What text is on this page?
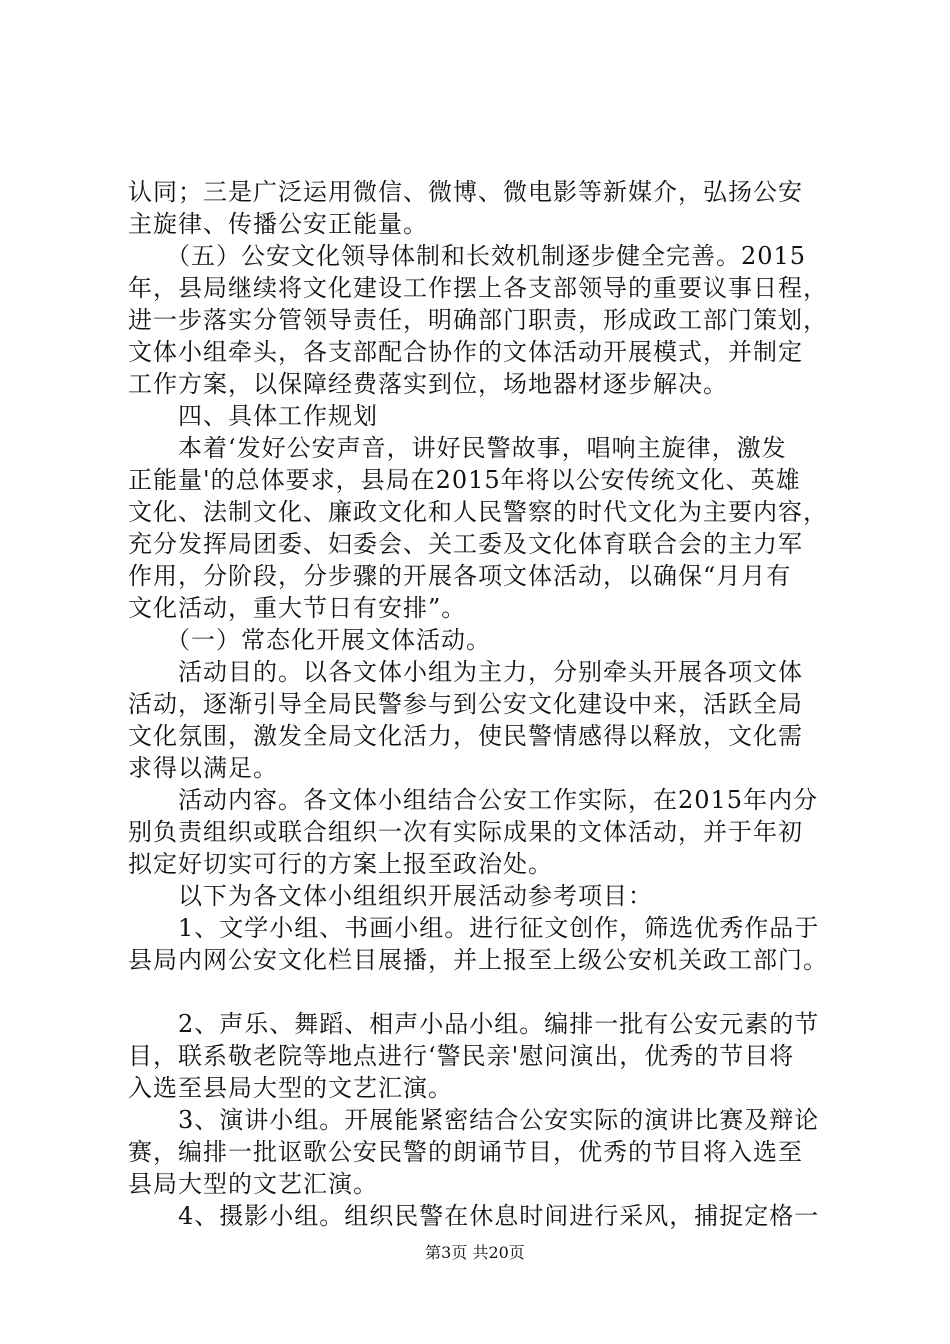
认同；三是广泛运用微信、微博、微电影等新媒介，弘扬公安
主旋律、传播公安正能量。
　　（五）公安文化领导体制和长效机制逐步健全完善。2015
年，县局继续将文化建设工作摆上各支部领导的重要议事日程，
进一步落实分管领导责任，明确部门职责，形成政工部门策划，
文体小组牵头，各支部配合协作的文体活动开展模式，并制定
工作方案，以保障经费落实到位，场地器材逐步解决。
　　四、具体工作规划
　　本着‘发好公安声音，讲好民警故事，唱响主旋律，激发
正能量'的总体要求，县局在2015年将以公安传统文化、英雄
文化、法制文化、廉政文化和人民警察的时代文化为主要内容，
充分发挥局团委、妇委会、关工委及文化体育联合会的主力军
作用，分阶段，分步骤的开展各项文体活动，以确保“月月有
文化活动，重大节日有安排”。
　　（一）常态化开展文体活动。
　　活动目的。以各文体小组为主力，分别牵头开展各项文体
活动，逐渐引导全局民警参与到公安文化建设中来，活跃全局
文化氛围，激发全局文化活力，使民警情感得以释放，文化需
求得以满足。
　　活动内容。各文体小组结合公安工作实际，在2015年内分
别负责组织或联合组织一次有实际成果的文体活动，并于年初
拟定好切实可行的方案上报至政治处。
　　以下为各文体小组组织开展活动参考项目：
　　1、文学小组、书画小组。进行征文创作，筛选优秀作品于
县局内网公安文化栏目展播，并上报至上级公安机关政工部门。
　　2、声乐、舞蹈、相声小品小组。编排一批有公安元素的节
目，联系敬老院等地点进行‘警民亲'慰问演出，优秀的节目将
入选至县局大型的文艺汇演。
　　3、演讲小组。开展能紧密结合公安实际的演讲比赛及辩论
赛，编排一批讴歌公安民警的朗诵节目，优秀的节目将入选至
县局大型的文艺汇演。
　　4、摄影小组。组织民警在休息时间进行采风，捕捉定格一
第3页 共20页
